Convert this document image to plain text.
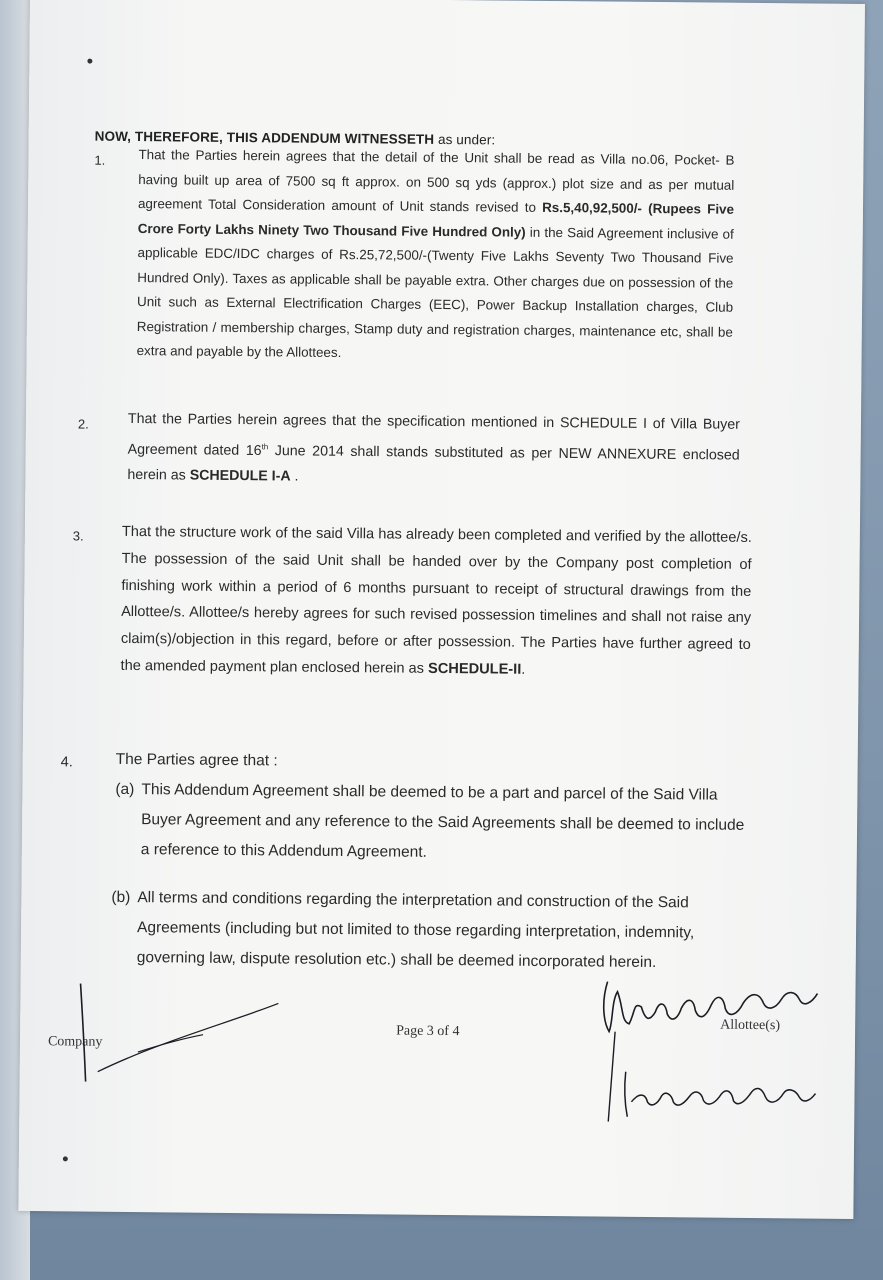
NOW, THEREFORE, THIS ADDENDUM WITNESSETH as under:
1. That the Parties herein agrees that the detail of the Unit shall be read as Villa no.06, Pocket- B having built up area of 7500 sq ft approx. on 500 sq yds (approx.) plot size and as per mutual agreement Total Consideration amount of Unit stands revised to Rs.5,40,92,500/- (Rupees Five Crore Forty Lakhs Ninety Two Thousand Five Hundred Only) in the Said Agreement inclusive of applicable EDC/IDC charges of Rs.25,72,500/-(Twenty Five Lakhs Seventy Two Thousand Five Hundred Only). Taxes as applicable shall be payable extra. Other charges due on possession of the Unit such as External Electrification Charges (EEC), Power Backup Installation charges, Club Registration / membership charges, Stamp duty and registration charges, maintenance etc, shall be extra and payable by the Allottees.
2.	That the Parties herein agrees that the specification mentioned in SCHEDULE I of Villa Buyer Agreement dated 16th June 2014 shall stands substituted as per NEW ANNEXURE enclosed herein as SCHEDULE I-A .
3.	That the structure work of the said Villa has already been completed and verified by the allottee/s. The possession of the said Unit shall be handed over by the Company post completion of finishing work within a period of 6 months pursuant to receipt of structural drawings from the Allottee/s. Allottee/s hereby agrees for such revised possession timelines and shall not raise any claim(s)/objection in this regard, before or after possession. The Parties have further agreed to the amended payment plan enclosed herein as SCHEDULE-II.
4.	The Parties agree that :
(a) This Addendum Agreement shall be deemed to be a part and parcel of the Said Villa Buyer Agreement and any reference to the Said Agreements shall be deemed to include a reference to this Addendum Agreement.
(b) All terms and conditions regarding the interpretation and construction of the Said Agreements (including but not limited to those regarding interpretation, indemnity, governing law, dispute resolution etc.) shall be deemed incorporated herein.
Company
Page 3 of 4	Allottee(s)
